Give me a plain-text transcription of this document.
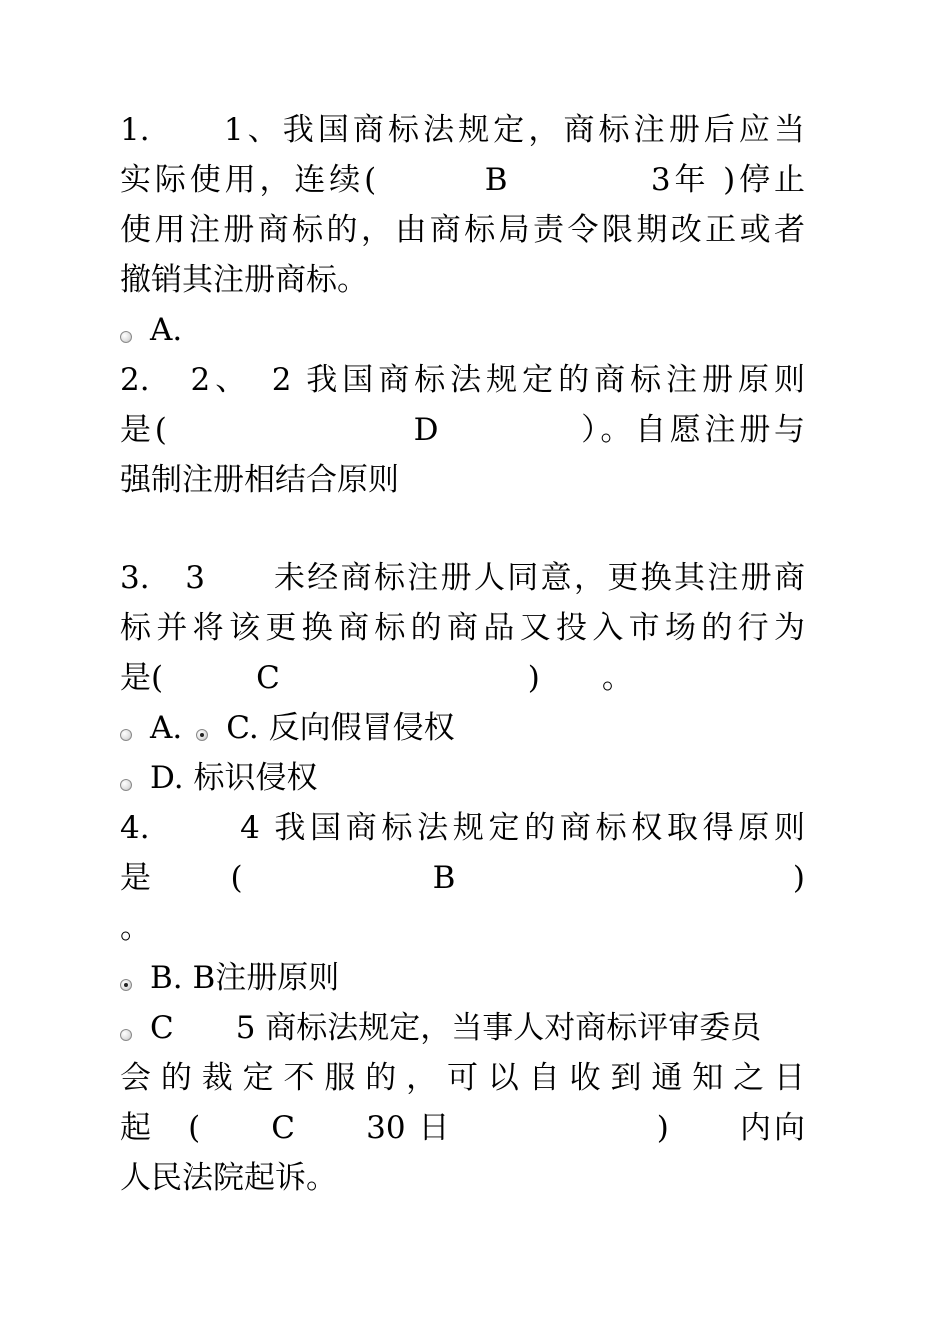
1.　　1、我国商标法规定，商标注册后应当
实际使用，连续(　　　B　　　　3年 )停止
使用注册商标的，由商标局责令限期改正或者
撤销其注册商标。
A.
2.　2、　2 我国商标法规定的商标注册原则
是(　　　　　　　D　　　　）。自愿注册与
强制注册相结合原则
3.　3　　未经商标注册人同意，更换其注册商
标并将该更换商标的商品又投入市场的行为
是(　　　C　　　　　　　　)　　。
A. C. 反向假冒侵权
D. 标识侵权
4.　　 4 我国商标法规定的商标权取得原则
是　　(　　　　　B　　　　　　　　　)
。
B. B注册原则
C　　5 商标法规定，当事人对商标评审委员
会的裁定不服的，可以自收到通知之日
起　(　　C　　30 日　　　　　　)　　内向
人民法院起诉。
